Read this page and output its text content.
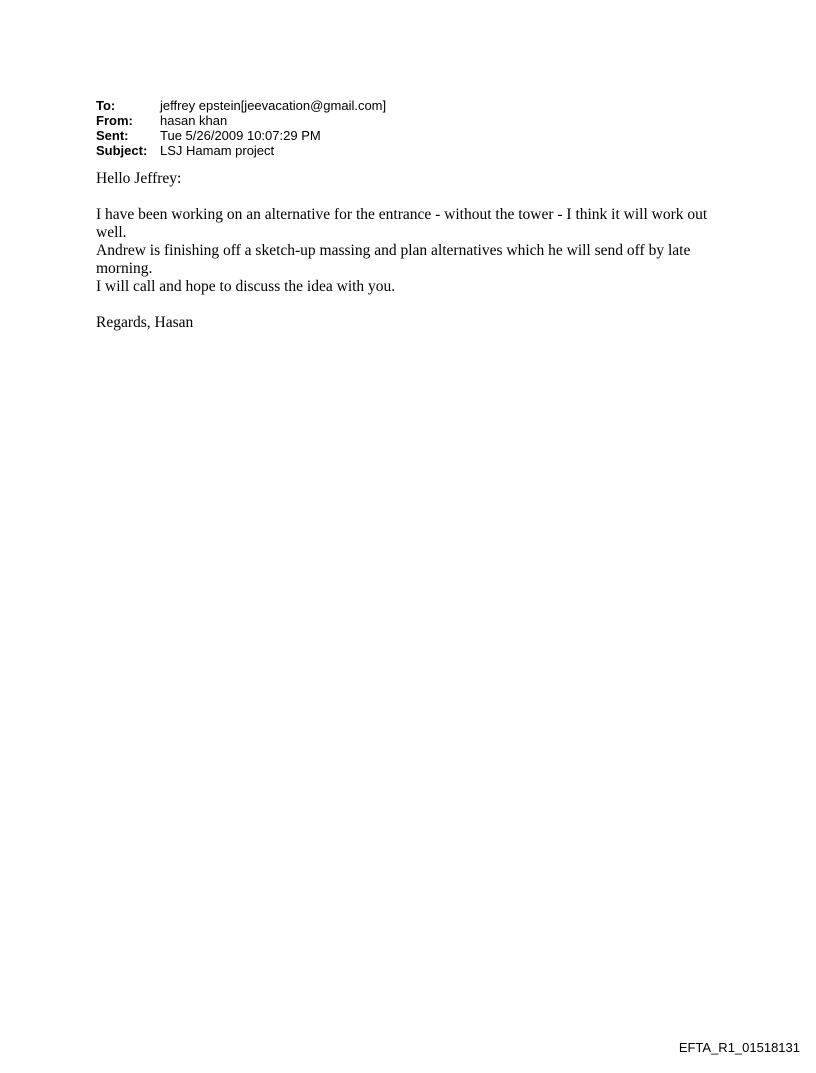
To:	jeffrey epstein[jeevacation@gmail.com]
From:	hasan khan
Sent:	Tue 5/26/2009 10:07:29 PM
Subject: LSJ Hamam project

Hello Jeffrey:

I have been working on an alternative for the entrance - without the tower - I think it will work out well.

Andrew is finishing off a sketch-up massing and plan alternatives which he will send off by late morning.

I will call and hope to discuss the idea with you.

Regards, Hasan

EFTA_R1_01518131
